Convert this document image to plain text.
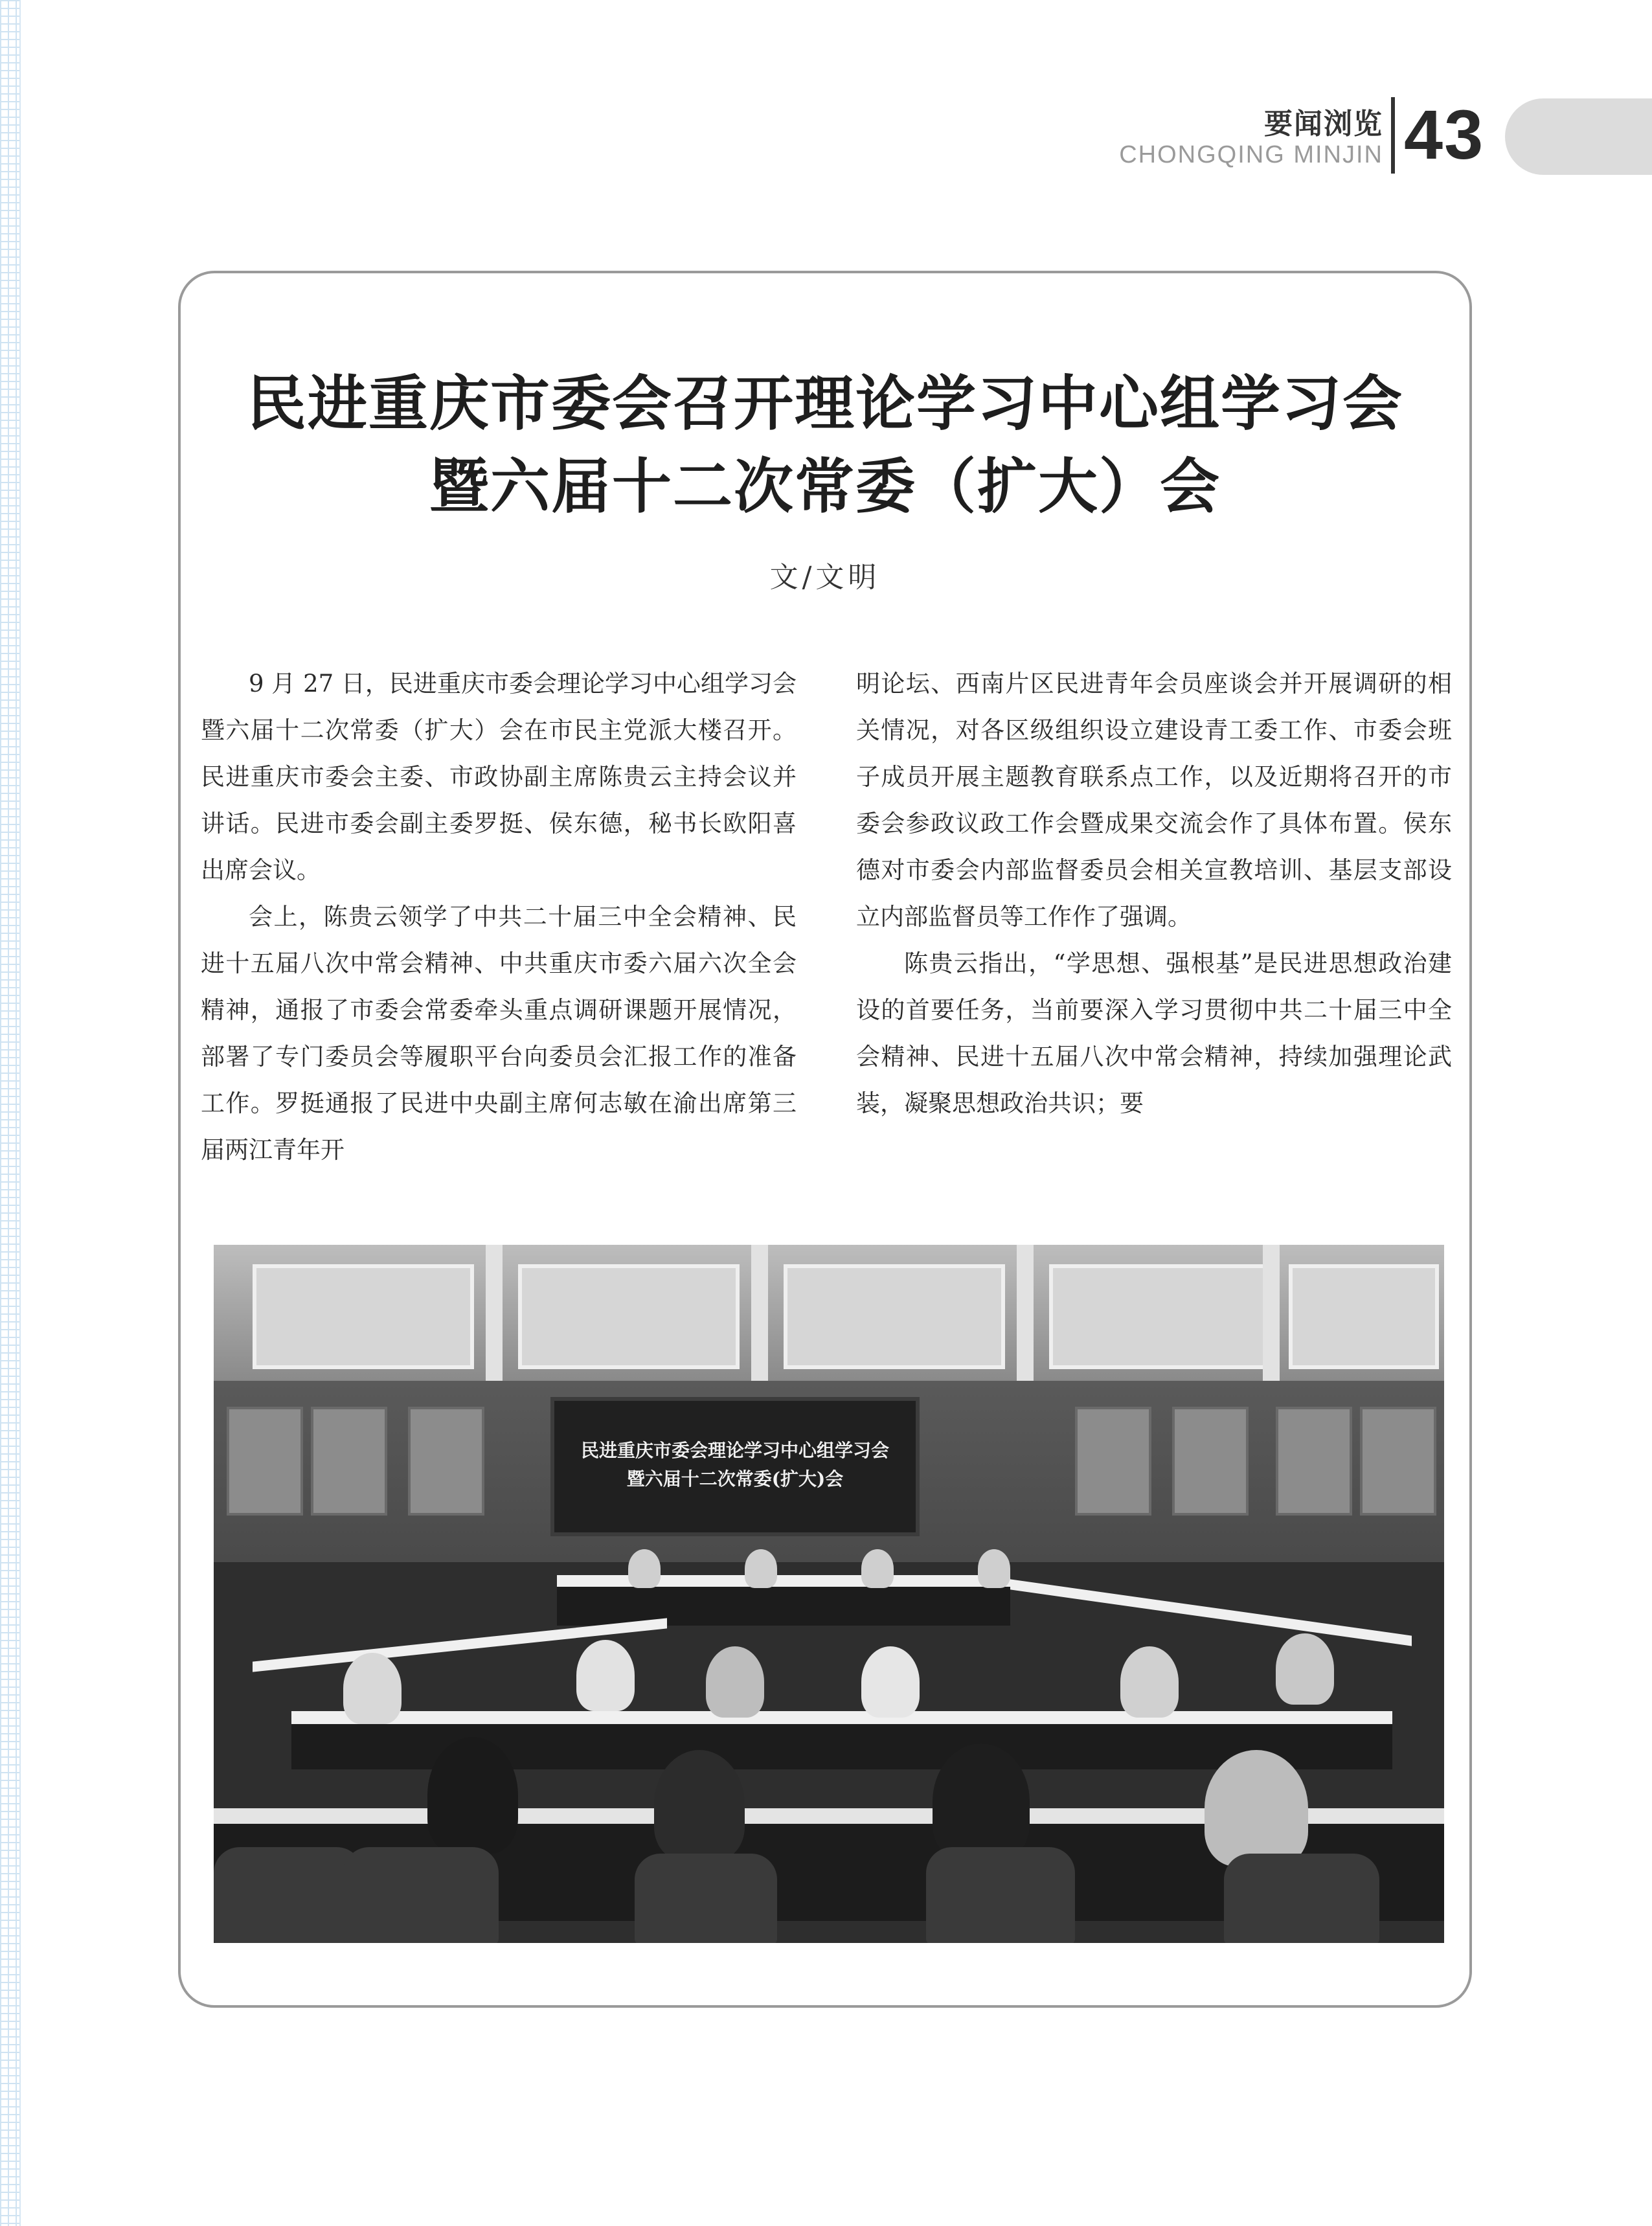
要闻浏览
CHONGQING MINJIN 43
民进重庆市委会召开理论学习中心组学习会
暨六届十二次常委（扩大）会
文/文明

9 月 27 日，民进重庆市委会理论学习中心组学习会暨六届十二次常委（扩大）会在市民主党派大楼召开。民进重庆市委会主委、市政协副主席陈贵云主持会议并讲话。民进市委会副主委罗挺、侯东德，秘书长欧阳喜出席会议。

会上，陈贵云领学了中共二十届三中全会精神、民进十五届八次中常会精神、中共重庆市委六届六次全会精神，通报了市委会常委牵头重点调研课题开展情况，部署了专门委员会等履职平台向委员会汇报工作的准备工作。罗挺通报了民进中央副主席何志敏在渝出席第三届两江青年开

明论坛、西南片区民进青年会员座谈会并开展调研的相关情况，对各区级组织设立建设青工委工作、市委会班子成员开展主题教育联系点工作，以及近期将召开的市委会参政议政工作会暨成果交流会作了具体布置。侯东德对市委会内部监督委员会相关宣教培训、基层支部设立内部监督员等工作作了强调。

陈贵云指出，“学思想、强根基”是民进思想政治建设的首要任务，当前要深入学习贯彻中共二十届三中全会精神、民进十五届八次中常会精神，持续加强理论武装，凝聚思想政治共识；要

民进重庆市委会理论学习中心组学习会
暨六届十二次常委(扩大)会
